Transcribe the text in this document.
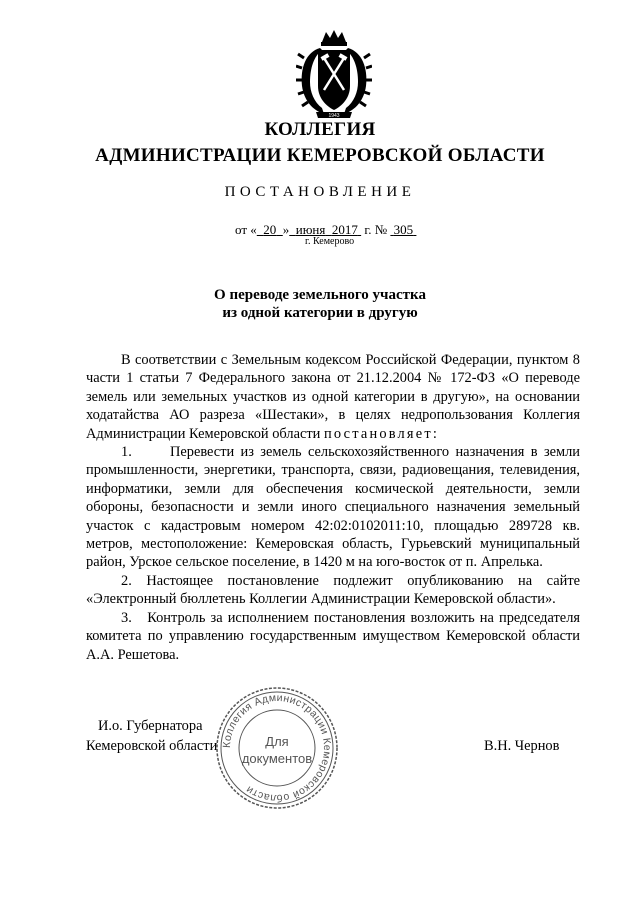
1943
КОЛЛЕГИЯ
АДМИНИСТРАЦИИ КЕМЕРОВСКОЙ ОБЛАСТИ
ПОСТАНОВЛЕНИЕ
от « 20 » июня 2017 г. № 305
г. Кемерово
О переводе земельного участка
из одной категории в другую

В соответствии с Земельным кодексом Российской Федерации, пунктом 8 части 1 статьи 7 Федерального закона от 21.12.2004 № 172-ФЗ «О переводе земель или земельных участков из одной категории в другую», на основании ходатайства АО разреза «Шестаки», в целях недропользования Коллегия Администрации Кемеровской области постановляет:

1.      Перевести из земель сельскохозяйственного назначения в земли промышленности, энергетики, транспорта, связи, радиовещания, телевидения, информатики, земли для обеспечения космической деятельности, земли обороны, безопасности и земли иного специального назначения земельный участок с кадастровым номером 42:02:0102011:10, площадью 289728 кв. метров, местоположение: Кемеровская область, Гурьевский муниципальный район, Урское сельское поселение, в 1420 м на юго-восток от п. Апрелька.

2. Настоящее постановление подлежит опубликованию на сайте «Электронный бюллетень Коллегии Администрации Кемеровской области».

3.   Контроль за исполнением постановления возложить на председателя комитета по управлению государственным имуществом Кемеровской области А.А. Решетова.

И.о. Губернатора
Кемеровской области	В.Н. Чернов
Коллегия Администрации Кемеровской области
Для
документов
